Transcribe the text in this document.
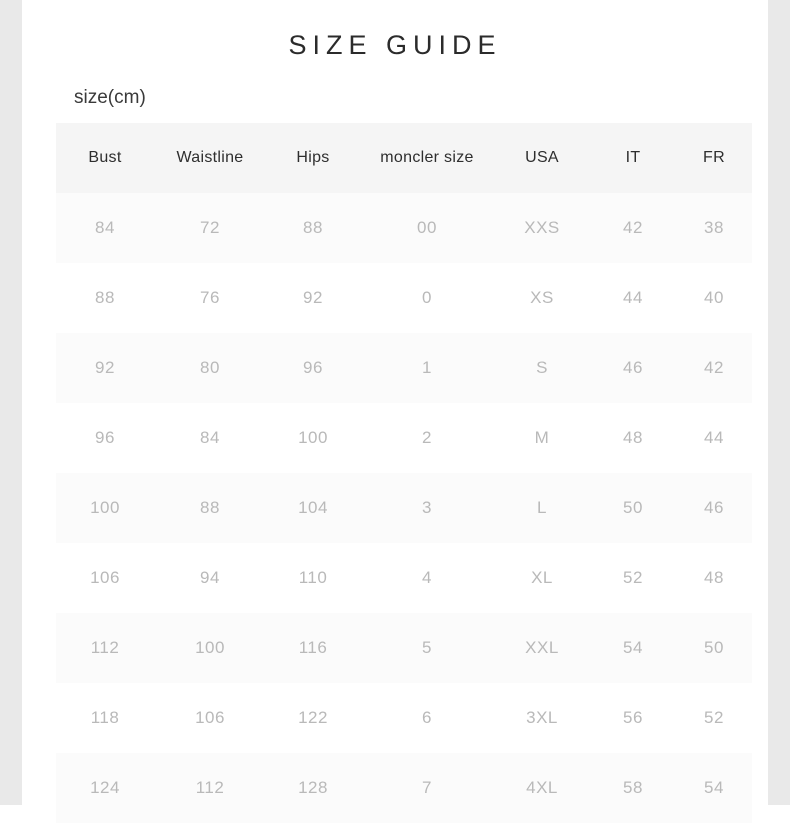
SIZE GUIDE
size(cm)
Bust	Waistline	Hips	moncler size	USA	IT	FR
84	72	88	00	XXS	42	38
88	76	92	0	XS	44	40
92	80	96	1	S	46	42
96	84	100	2	M	48	44
100	88	104	3	L	50	46
106	94	110	4	XL	52	48
112	100	116	5	XXL	54	50
118	106	122	6	3XL	56	52
124	112	128	7	4XL	58	54
